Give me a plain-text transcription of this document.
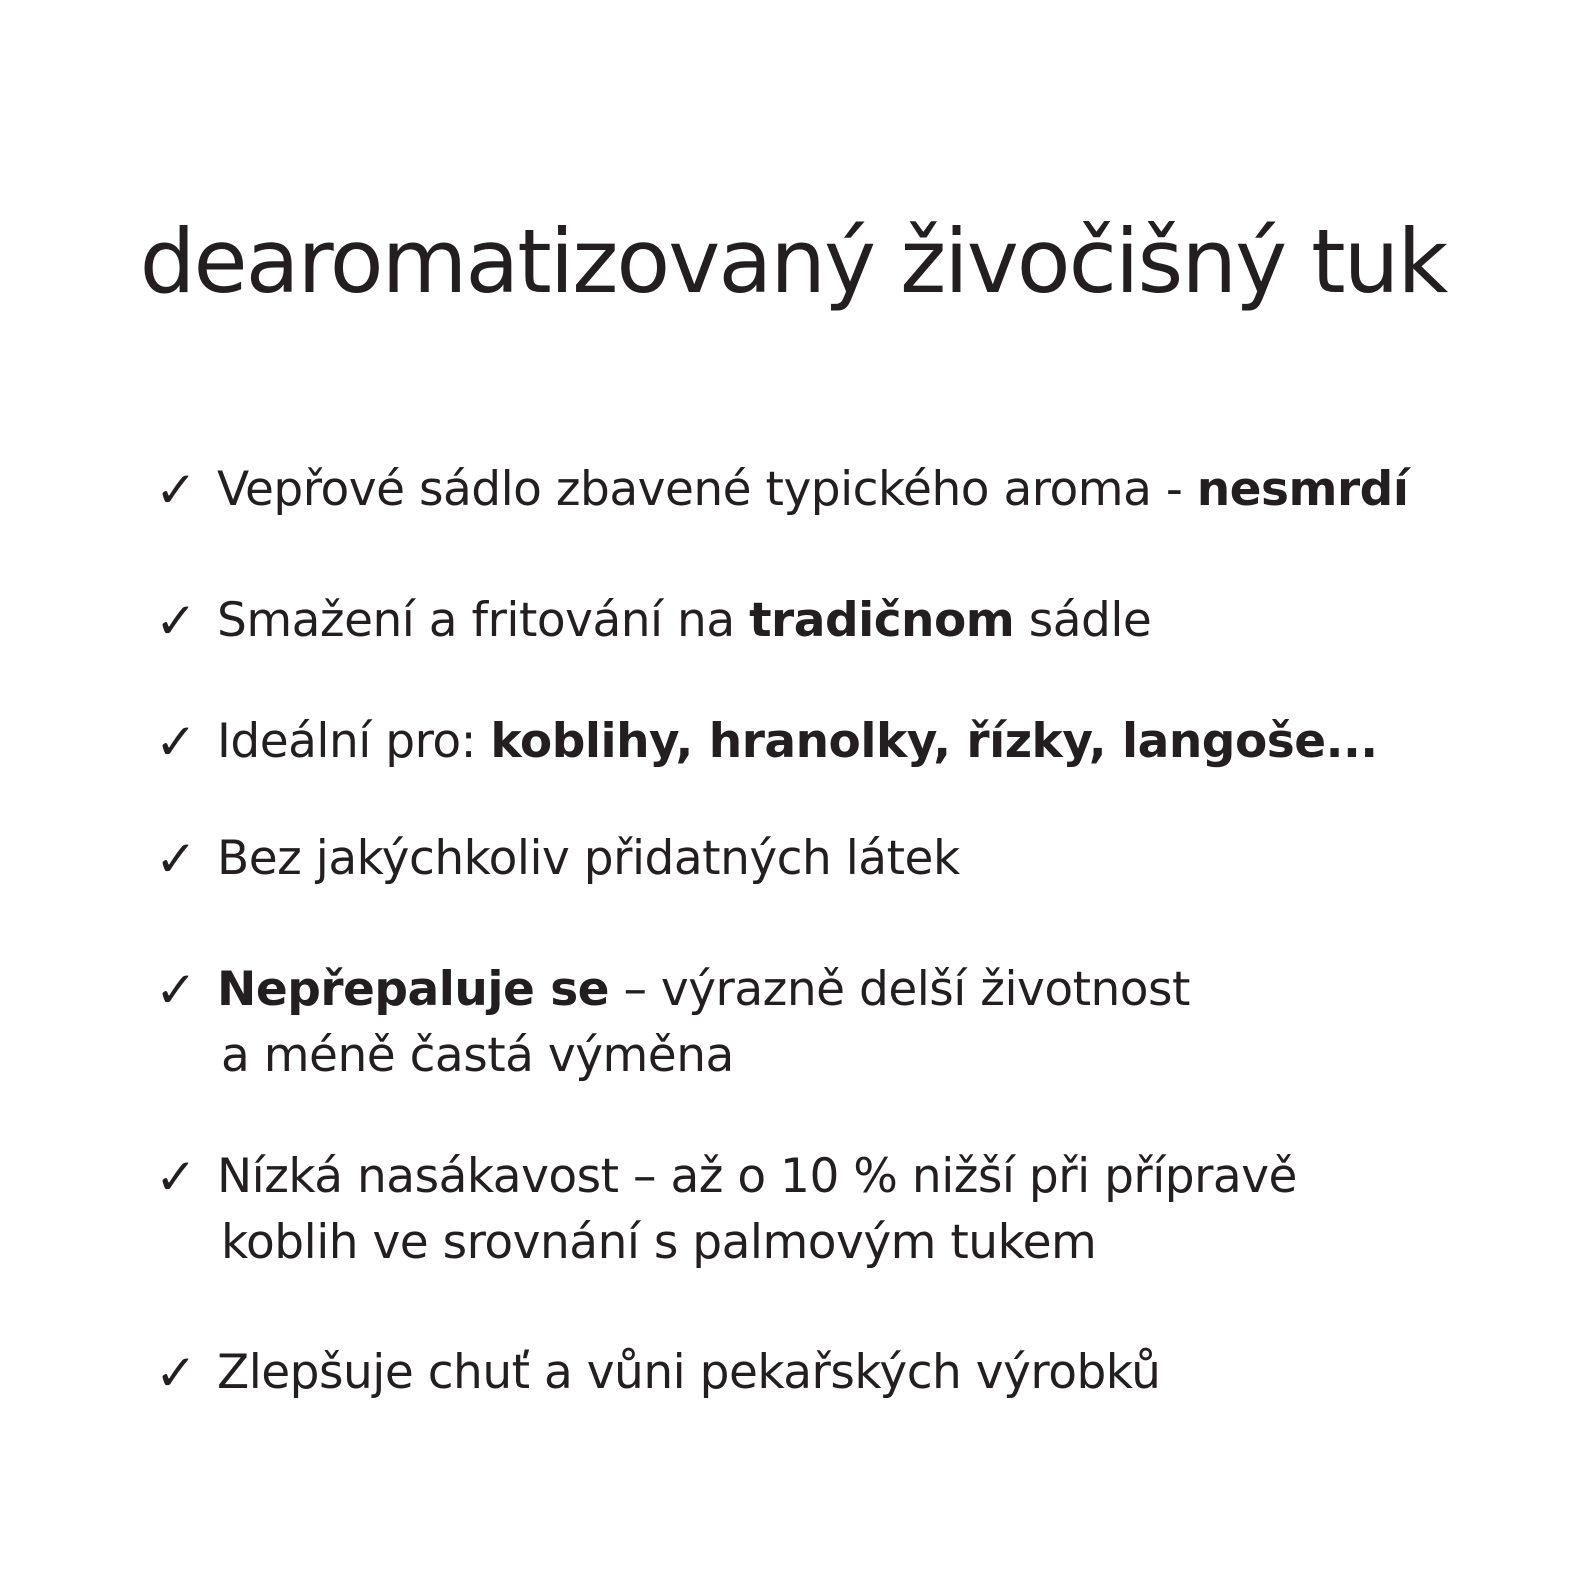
dearomatizovaný živočišný tuk
✓ Vepřové sádlo zbavené typického aroma - nesmrdí
✓ Smažení a fritování na tradičnom sádle
✓ Ideální pro: koblihy, hranolky, řízky, langoše...
✓ Bez jakýchkoliv přidatných látek
✓ Nepřepaluje se – výrazně delší životnost
a méně častá výměna
✓ Nízká nasákavost – až o 10 % nižší při přípravě
koblih ve srovnání s palmovým tukem
✓ Zlepšuje chuť a vůni pekařských výrobků
